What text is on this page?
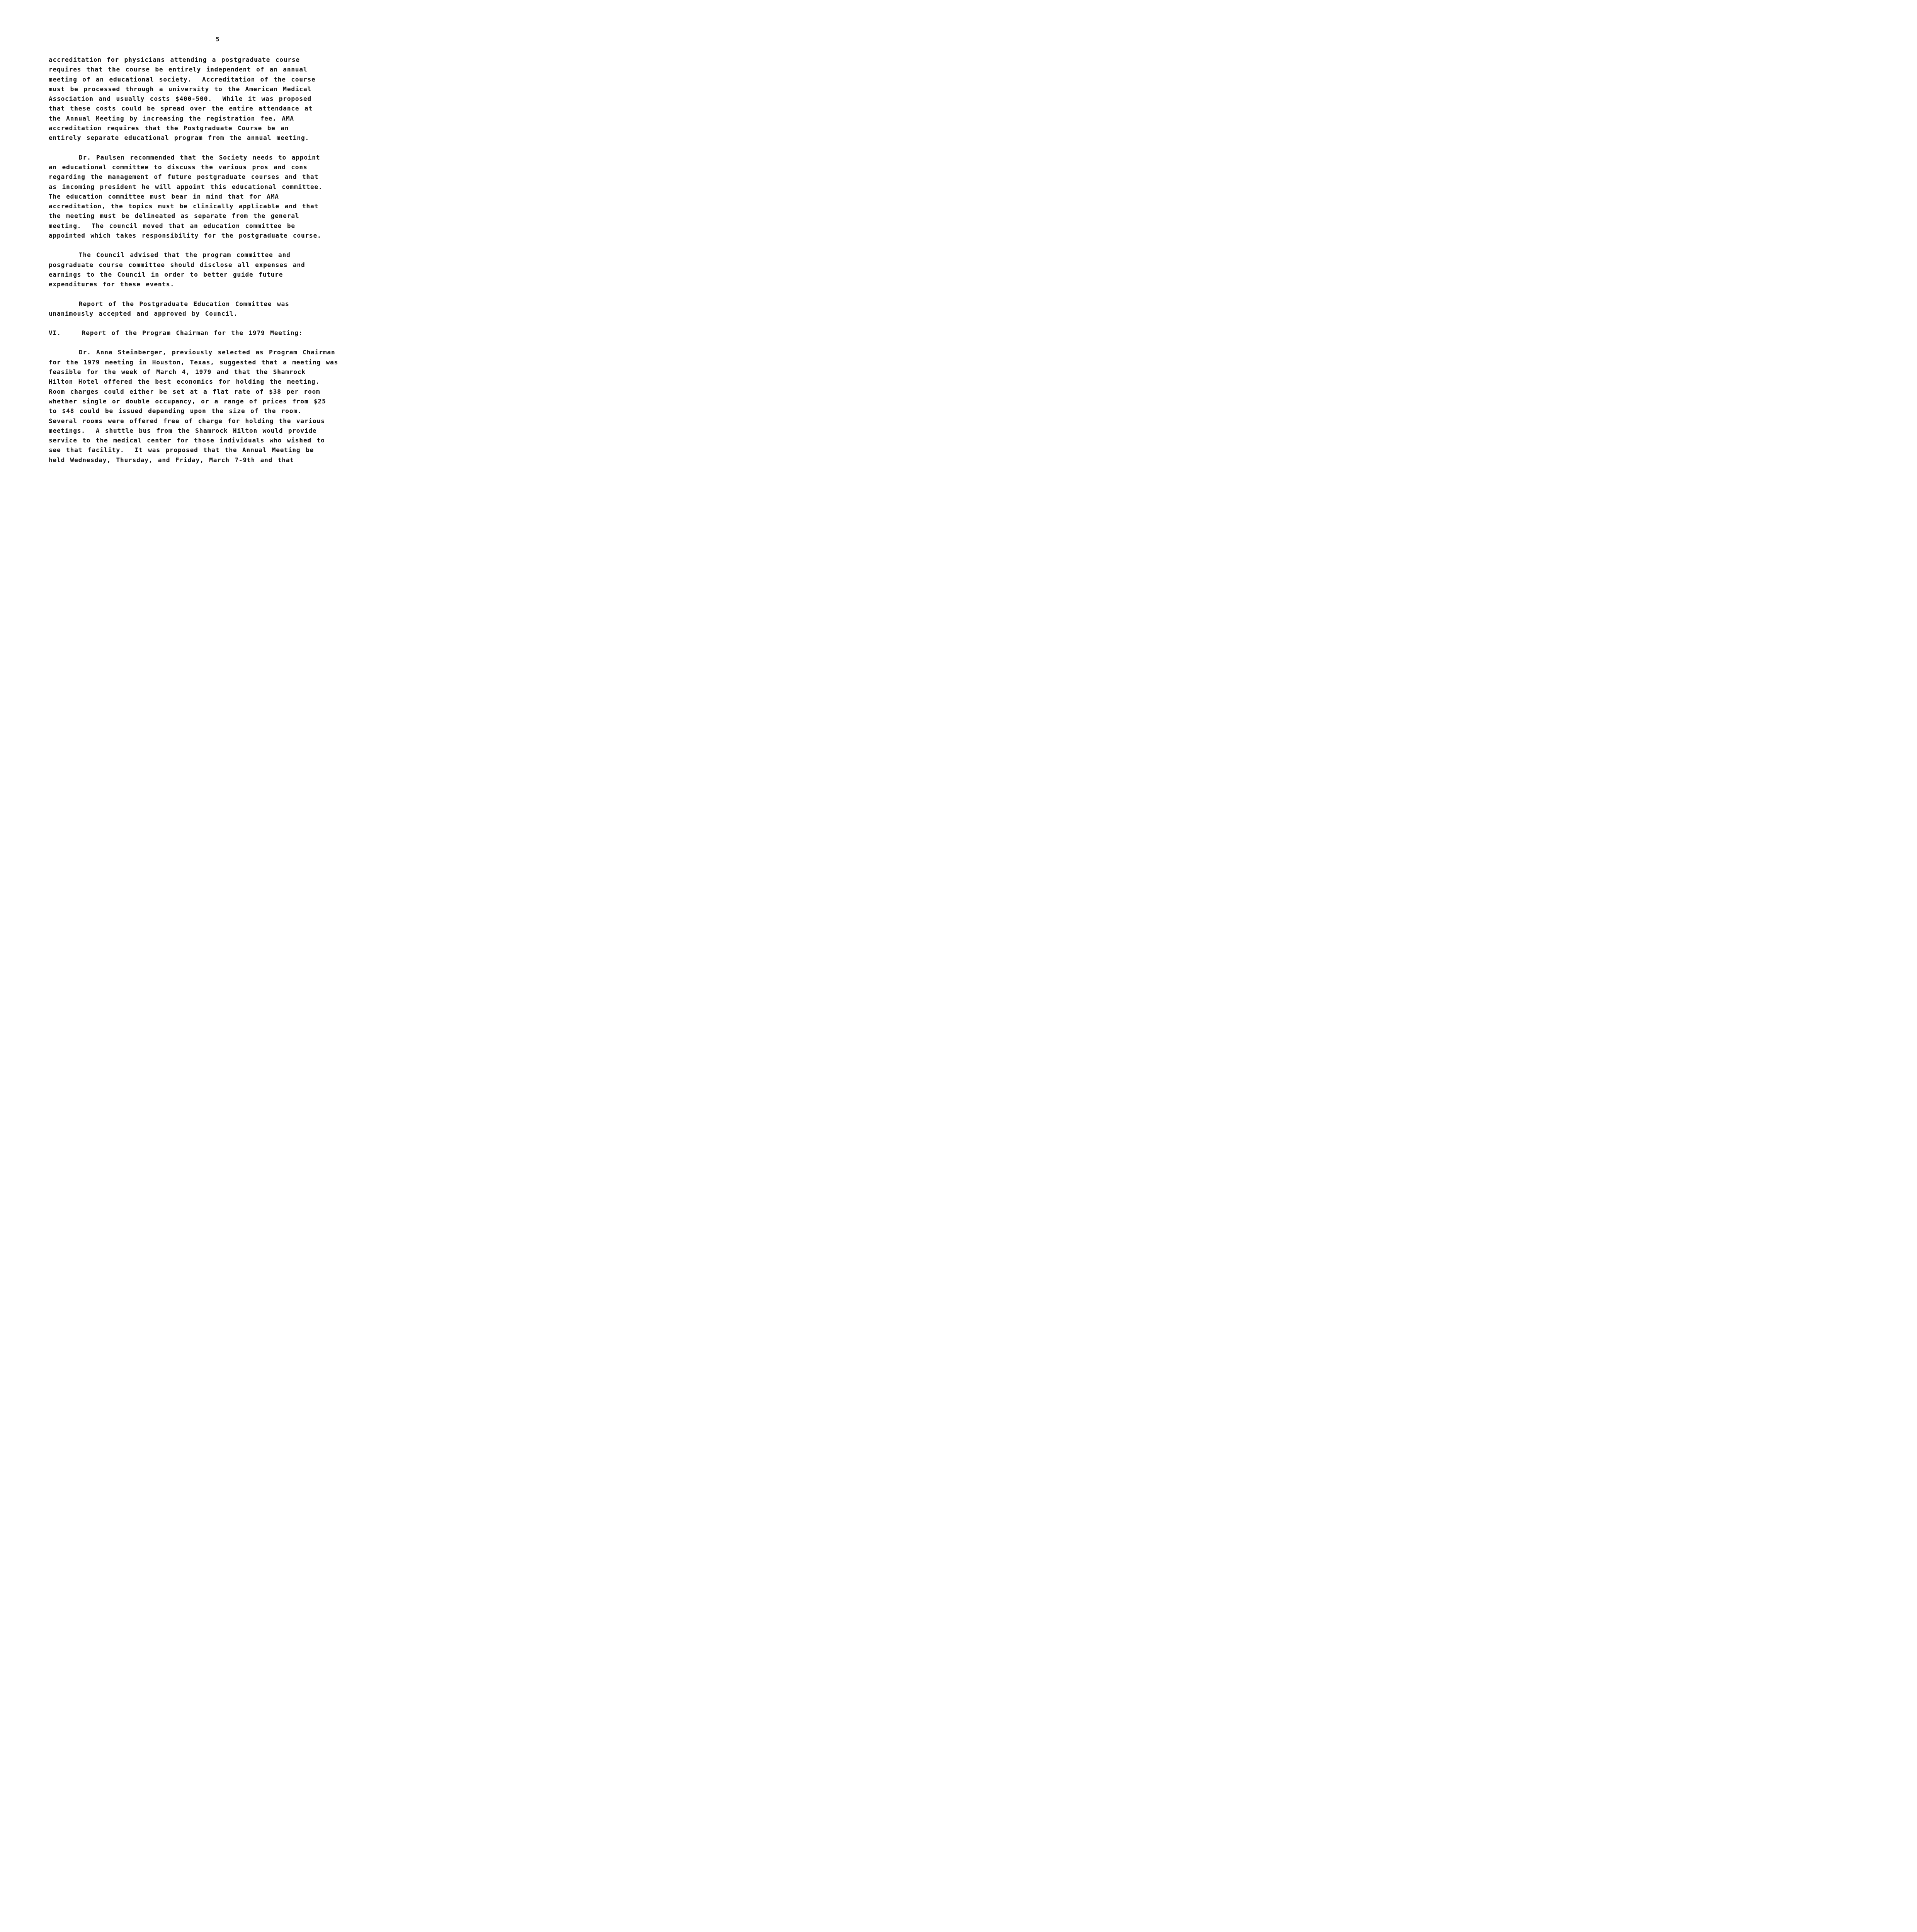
5
accreditation for physicians attending a postgraduate course
requires that the course be entirely independent of an annual
meeting of an educational society.  Accreditation of the course
must be processed through a university to the American Medical
Association and usually costs $400-500.  While it was proposed
that these costs could be spread over the entire attendance at
the Annual Meeting by increasing the registration fee, AMA
accreditation requires that the Postgraduate Course be an
entirely separate educational program from the annual meeting.
Dr. Paulsen recommended that the Society needs to appoint
an educational committee to discuss the various pros and cons
regarding the management of future postgraduate courses and that
as incoming president he will appoint this educational committee.
The education committee must bear in mind that for AMA
accreditation, the topics must be clinically applicable and that
the meeting must be delineated as separate from the general
meeting.  The council moved that an education committee be
appointed which takes responsibility for the postgraduate course.
The Council advised that the program committee and
posgraduate course committee should disclose all expenses and
earnings to the Council in order to better guide future
expenditures for these events.
Report of the Postgraduate Education Committee was
unanimously accepted and approved by Council.
VI.    Report of the Program Chairman for the 1979 Meeting:
Dr. Anna Steinberger, previously selected as Program Chairman
for the 1979 meeting in Houston, Texas, suggested that a meeting was
feasible for the week of March 4, 1979 and that the Shamrock
Hilton Hotel offered the best economics for holding the meeting.
Room charges could either be set at a flat rate of $38 per room
whether single or double occupancy, or a range of prices from $25
to $48 could be issued depending upon the size of the room.
Several rooms were offered free of charge for holding the various
meetings.  A shuttle bus from the Shamrock Hilton would provide
service to the medical center for those individuals who wished to
see that facility.  It was proposed that the Annual Meeting be
held Wednesday, Thursday, and Friday, March 7-9th and that
